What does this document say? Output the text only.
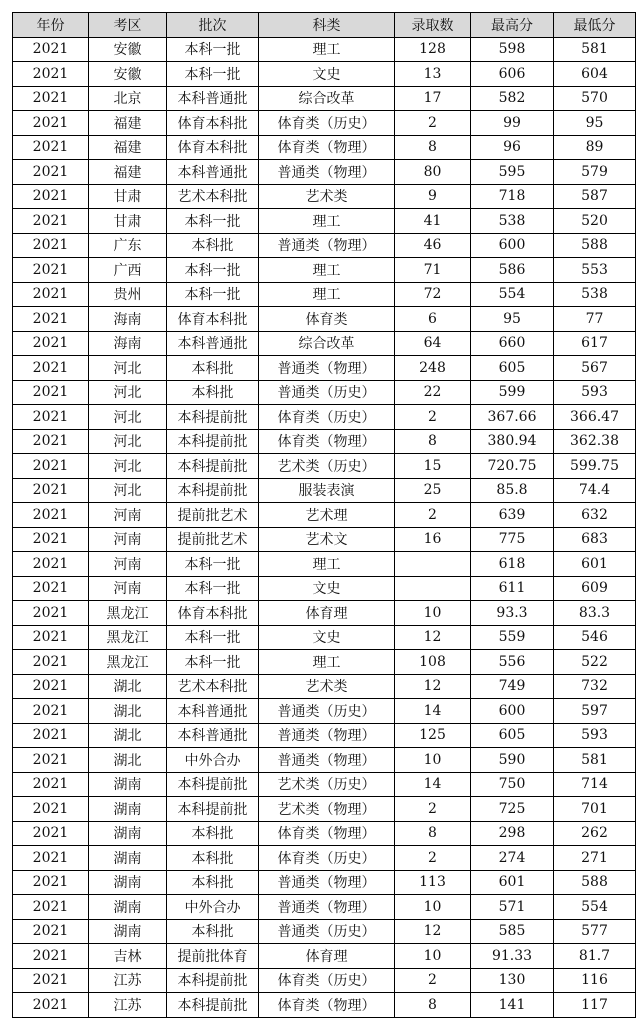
年份	考区	批次	科类	录取数	最高分	最低分
2021	安徽	本科一批	理工	128	598	581
2021	安徽	本科一批	文史	13	606	604
2021	北京	本科普通批	综合改革	17	582	570
2021	福建	体育本科批	体育类（历史）	2	99	95
2021	福建	体育本科批	体育类（物理）	8	96	89
2021	福建	本科普通批	普通类（物理）	80	595	579
2021	甘肃	艺术本科批	艺术类	9	718	587
2021	甘肃	本科一批	理工	41	538	520
2021	广东	本科批	普通类（物理）	46	600	588
2021	广西	本科一批	理工	71	586	553
2021	贵州	本科一批	理工	72	554	538
2021	海南	体育本科批	体育类	6	95	77
2021	海南	本科普通批	综合改革	64	660	617
2021	河北	本科批	普通类（物理）	248	605	567
2021	河北	本科批	普通类（历史）	22	599	593
2021	河北	本科提前批	体育类（历史）	2	367.66	366.47
2021	河北	本科提前批	体育类（物理）	8	380.94	362.38
2021	河北	本科提前批	艺术类（历史）	15	720.75	599.75
2021	河北	本科提前批	服装表演	25	85.8	74.4
2021	河南	提前批艺术	艺术理	2	639	632
2021	河南	提前批艺术	艺术文	16	775	683
2021	河南	本科一批	理工		618	601
2021	河南	本科一批	文史		611	609
2021	黑龙江	体育本科批	体育理	10	93.3	83.3
2021	黑龙江	本科一批	文史	12	559	546
2021	黑龙江	本科一批	理工	108	556	522
2021	湖北	艺术本科批	艺术类	12	749	732
2021	湖北	本科普通批	普通类（历史）	14	600	597
2021	湖北	本科普通批	普通类（物理）	125	605	593
2021	湖北	中外合办	普通类（物理）	10	590	581
2021	湖南	本科提前批	艺术类（历史）	14	750	714
2021	湖南	本科提前批	艺术类（物理）	2	725	701
2021	湖南	本科批	体育类（物理）	8	298	262
2021	湖南	本科批	体育类（历史）	2	274	271
2021	湖南	本科批	普通类（物理）	113	601	588
2021	湖南	中外合办	普通类（物理）	10	571	554
2021	湖南	本科批	普通类（历史）	12	585	577
2021	吉林	提前批体育	体育理	10	91.33	81.7
2021	江苏	本科提前批	体育类（历史）	2	130	116
2021	江苏	本科提前批	体育类（物理）	8	141	117
